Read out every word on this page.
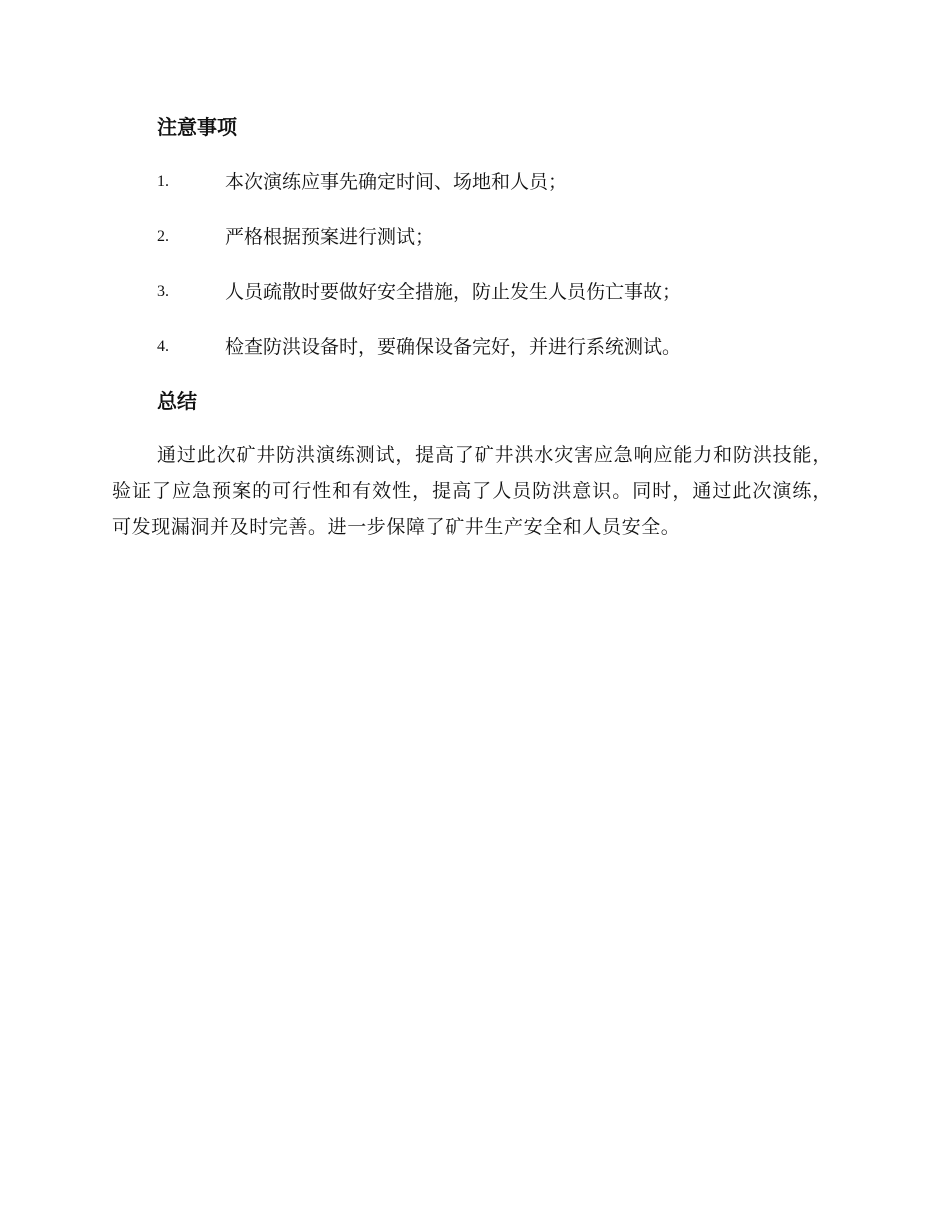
注意事项
1.	本次演练应事先确定时间、场地和人员；
2.	严格根据预案进行测试；
3.	人员疏散时要做好安全措施，防止发生人员伤亡事故；
4.	检查防洪设备时，要确保设备完好，并进行系统测试。
总结

通过此次矿井防洪演练测试，提高了矿井洪水灾害应急响应能力和防洪技能，验证了应急预案的可行性和有效性，提高了人员防洪意识。同时，通过此次演练，可发现漏洞并及时完善。进一步保障了矿井生产安全和人员安全。
